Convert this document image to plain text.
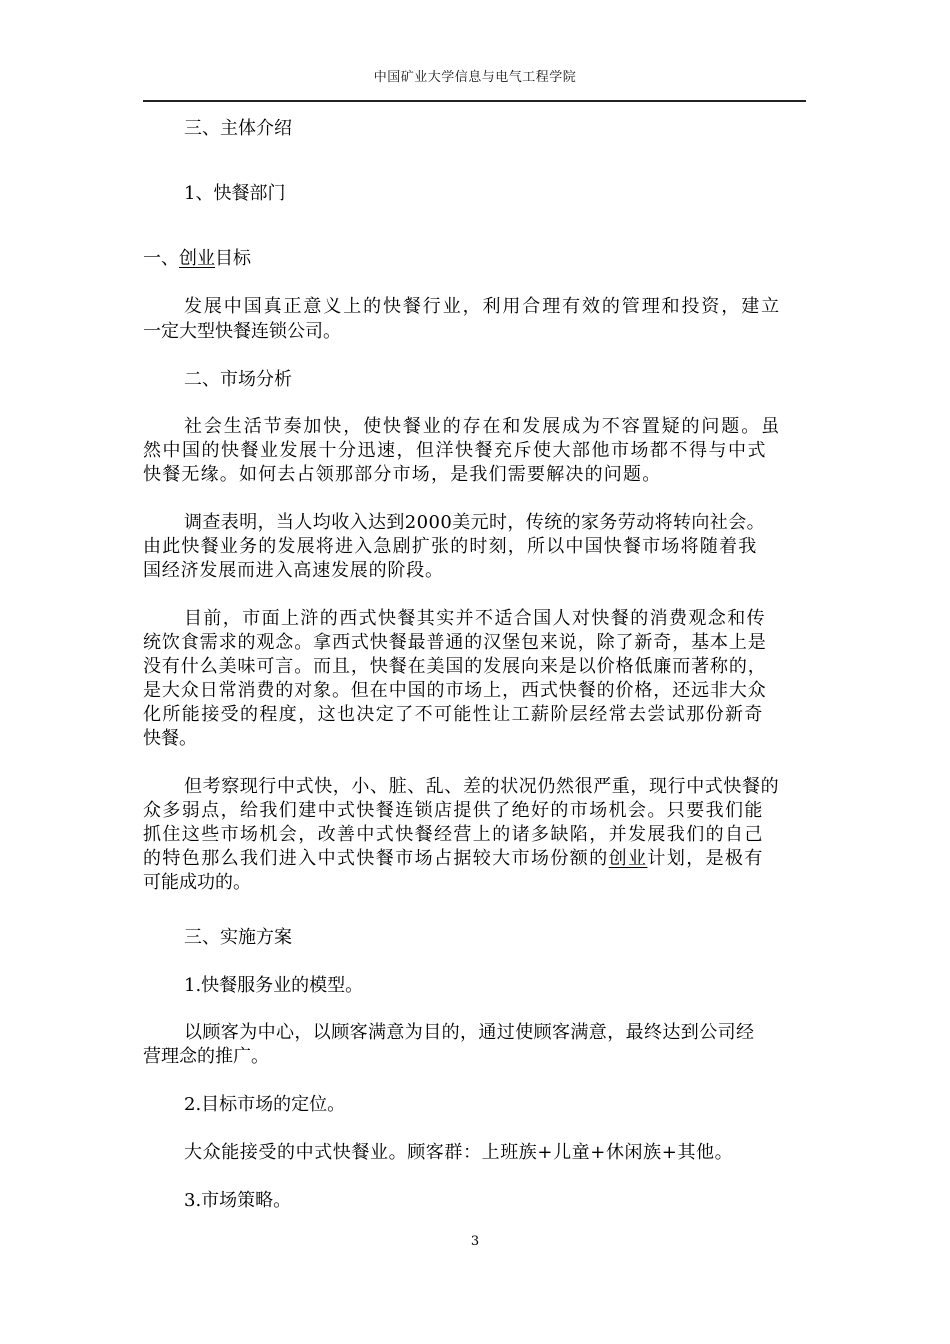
中国矿业大学信息与电气工程学院
三、主体介绍
1、快餐部门
一、创业目标
发展中国真正意义上的快餐行业，利用合理有效的管理和投资，建立
一定大型快餐连锁公司。
二、市场分析
社会生活节奏加快，使快餐业的存在和发展成为不容置疑的问题。虽
然中国的快餐业发展十分迅速，但洋快餐充斥使大部他市场都不得与中式
快餐无缘。如何去占领那部分市场，是我们需要解决的问题。
调查表明，当人均收入达到2000美元时，传统的家务劳动将转向社会。
由此快餐业务的发展将进入急剧扩张的时刻，所以中国快餐市场将随着我
国经济发展而进入高速发展的阶段。
目前，市面上浒的西式快餐其实并不适合国人对快餐的消费观念和传
统饮食需求的观念。拿西式快餐最普通的汉堡包来说，除了新奇，基本上是
没有什么美味可言。而且，快餐在美国的发展向来是以价格低廉而著称的，
是大众日常消费的对象。但在中国的市场上，西式快餐的价格，还远非大众
化所能接受的程度，这也决定了不可能性让工薪阶层经常去尝试那份新奇
快餐。
但考察现行中式快，小、脏、乱、差的状况仍然很严重，现行中式快餐的
众多弱点，给我们建中式快餐连锁店提供了绝好的市场机会。只要我们能
抓住这些市场机会，改善中式快餐经营上的诸多缺陷，并发展我们的自己
的特色那么我们进入中式快餐市场占据较大市场份额的创业计划，是极有
可能成功的。
三、实施方案
1.快餐服务业的模型。
以顾客为中心，以顾客满意为目的，通过使顾客满意，最终达到公司经
营理念的推广。
2.目标市场的定位。
大众能接受的中式快餐业。顾客群：上班族+儿童+休闲族+其他。
3.市场策略。
3
